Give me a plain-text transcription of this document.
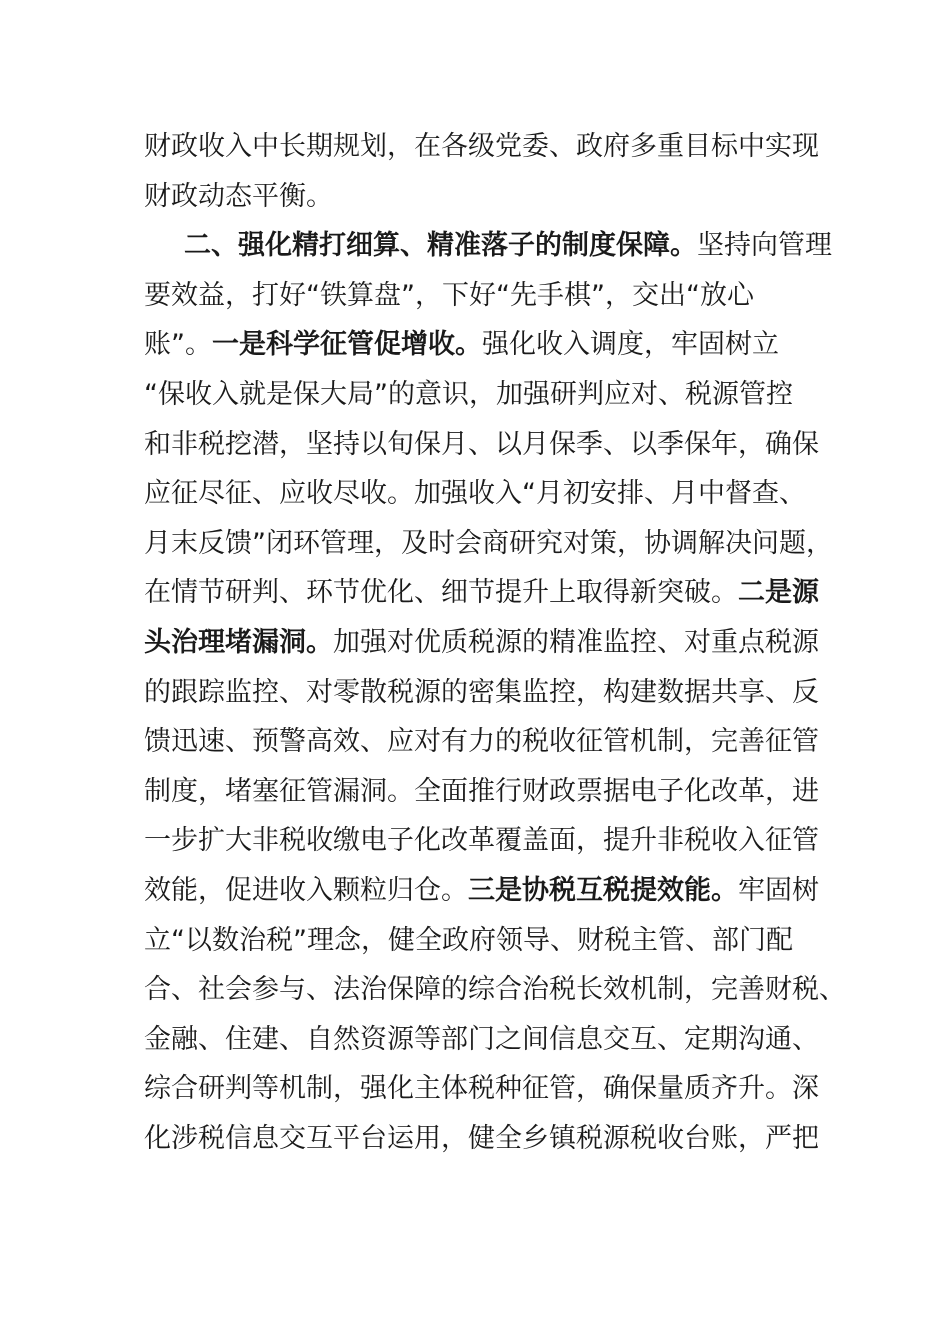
财政收入中长期规划，在各级党委、政府多重目标中实现
财政动态平衡。
二、强化精打细算、精准落子的制度保障。坚持向管理
要效益，打好“铁算盘”，下好“先手棋”，交出“放心
账”。一是科学征管促增收。强化收入调度，牢固树立
“保收入就是保大局”的意识，加强研判应对、税源管控
和非税挖潜，坚持以旬保月、以月保季、以季保年，确保
应征尽征、应收尽收。加强收入“月初安排、月中督查、
月末反馈”闭环管理，及时会商研究对策，协调解决问题，
在情节研判、环节优化、细节提升上取得新突破。二是源
头治理堵漏洞。加强对优质税源的精准监控、对重点税源
的跟踪监控、对零散税源的密集监控，构建数据共享、反
馈迅速、预警高效、应对有力的税收征管机制，完善征管
制度，堵塞征管漏洞。全面推行财政票据电子化改革，进
一步扩大非税收缴电子化改革覆盖面，提升非税收入征管
效能，促进收入颗粒归仓。三是协税互税提效能。牢固树
立“以数治税”理念，健全政府领导、财税主管、部门配
合、社会参与、法治保障的综合治税长效机制，完善财税、
金融、住建、自然资源等部门之间信息交互、定期沟通、
综合研判等机制，强化主体税种征管，确保量质齐升。深
化涉税信息交互平台运用，健全乡镇税源税收台账，严把
